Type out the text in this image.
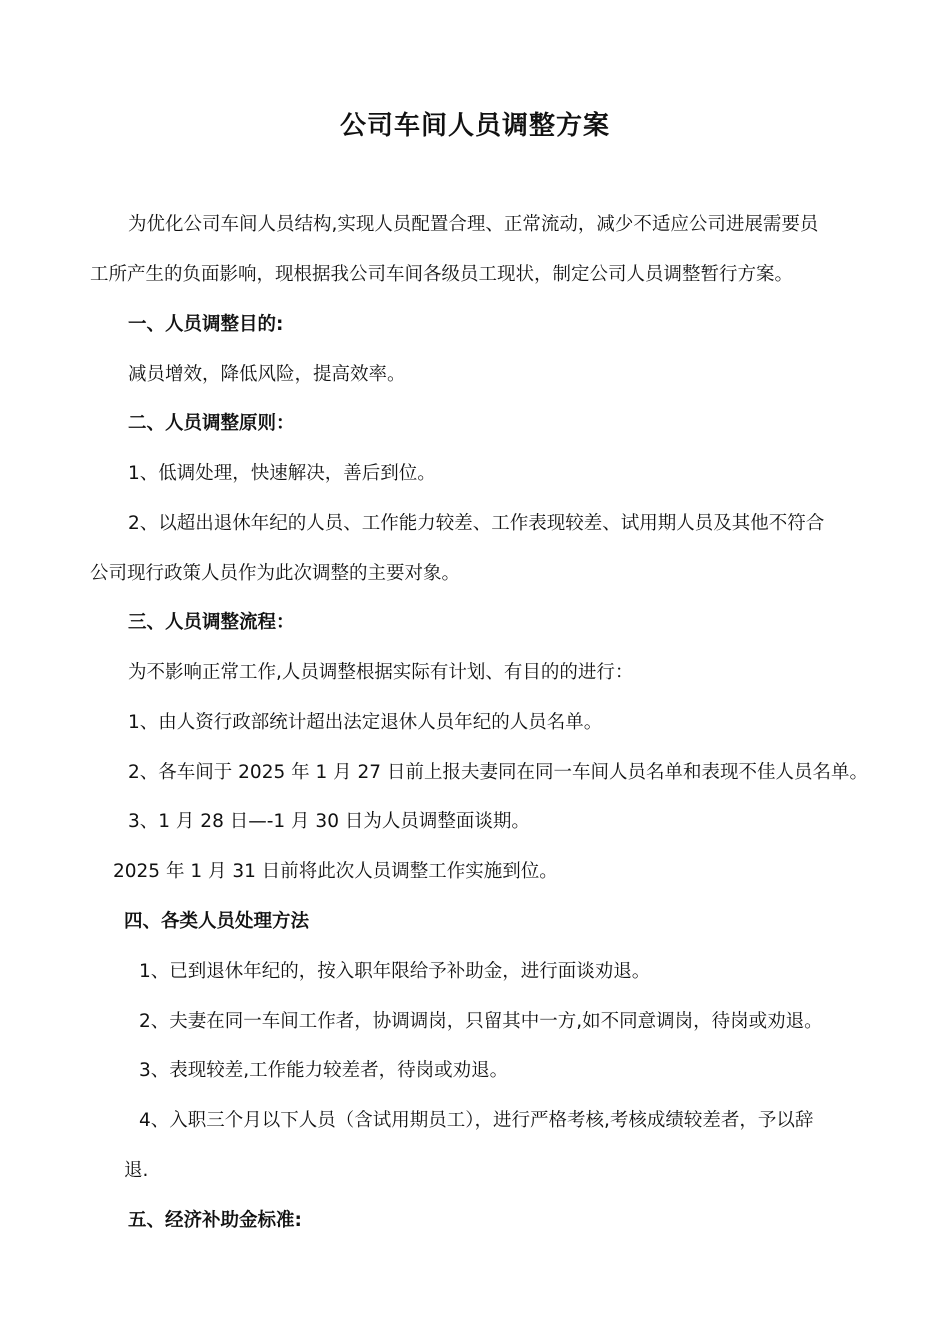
公司车间人员调整方案
为优化公司车间人员结构,实现人员配置合理、正常流动，减少不适应公司进展需要员
工所产生的负面影响，现根据我公司车间各级员工现状，制定公司人员调整暂行方案。
一、人员调整目的:
减员增效，降低风险，提高效率。
二、人员调整原则：
1、低调处理，快速解决，善后到位。
2、以超出退休年纪的人员、工作能力较差、工作表现较差、试用期人员及其他不符合
公司现行政策人员作为此次调整的主要对象。
三、人员调整流程：
为不影响正常工作,人员调整根据实际有计划、有目的的进行：
1、由人资行政部统计超出法定退休人员年纪的人员名单。
2、各车间于 2025 年 1 月 27 日前上报夫妻同在同一车间人员名单和表现不佳人员名单。
3、1 月 28 日—-1 月 30 日为人员调整面谈期。
2025 年 1 月 31 日前将此次人员调整工作实施到位。
四、各类人员处理方法
1、已到退休年纪的，按入职年限给予补助金，进行面谈劝退。
2、夫妻在同一车间工作者，协调调岗，只留其中一方,如不同意调岗，待岗或劝退。
3、表现较差,工作能力较差者，待岗或劝退。
4、入职三个月以下人员（含试用期员工），进行严格考核,考核成绩较差者，予以辞
退.
五、经济补助金标准:
